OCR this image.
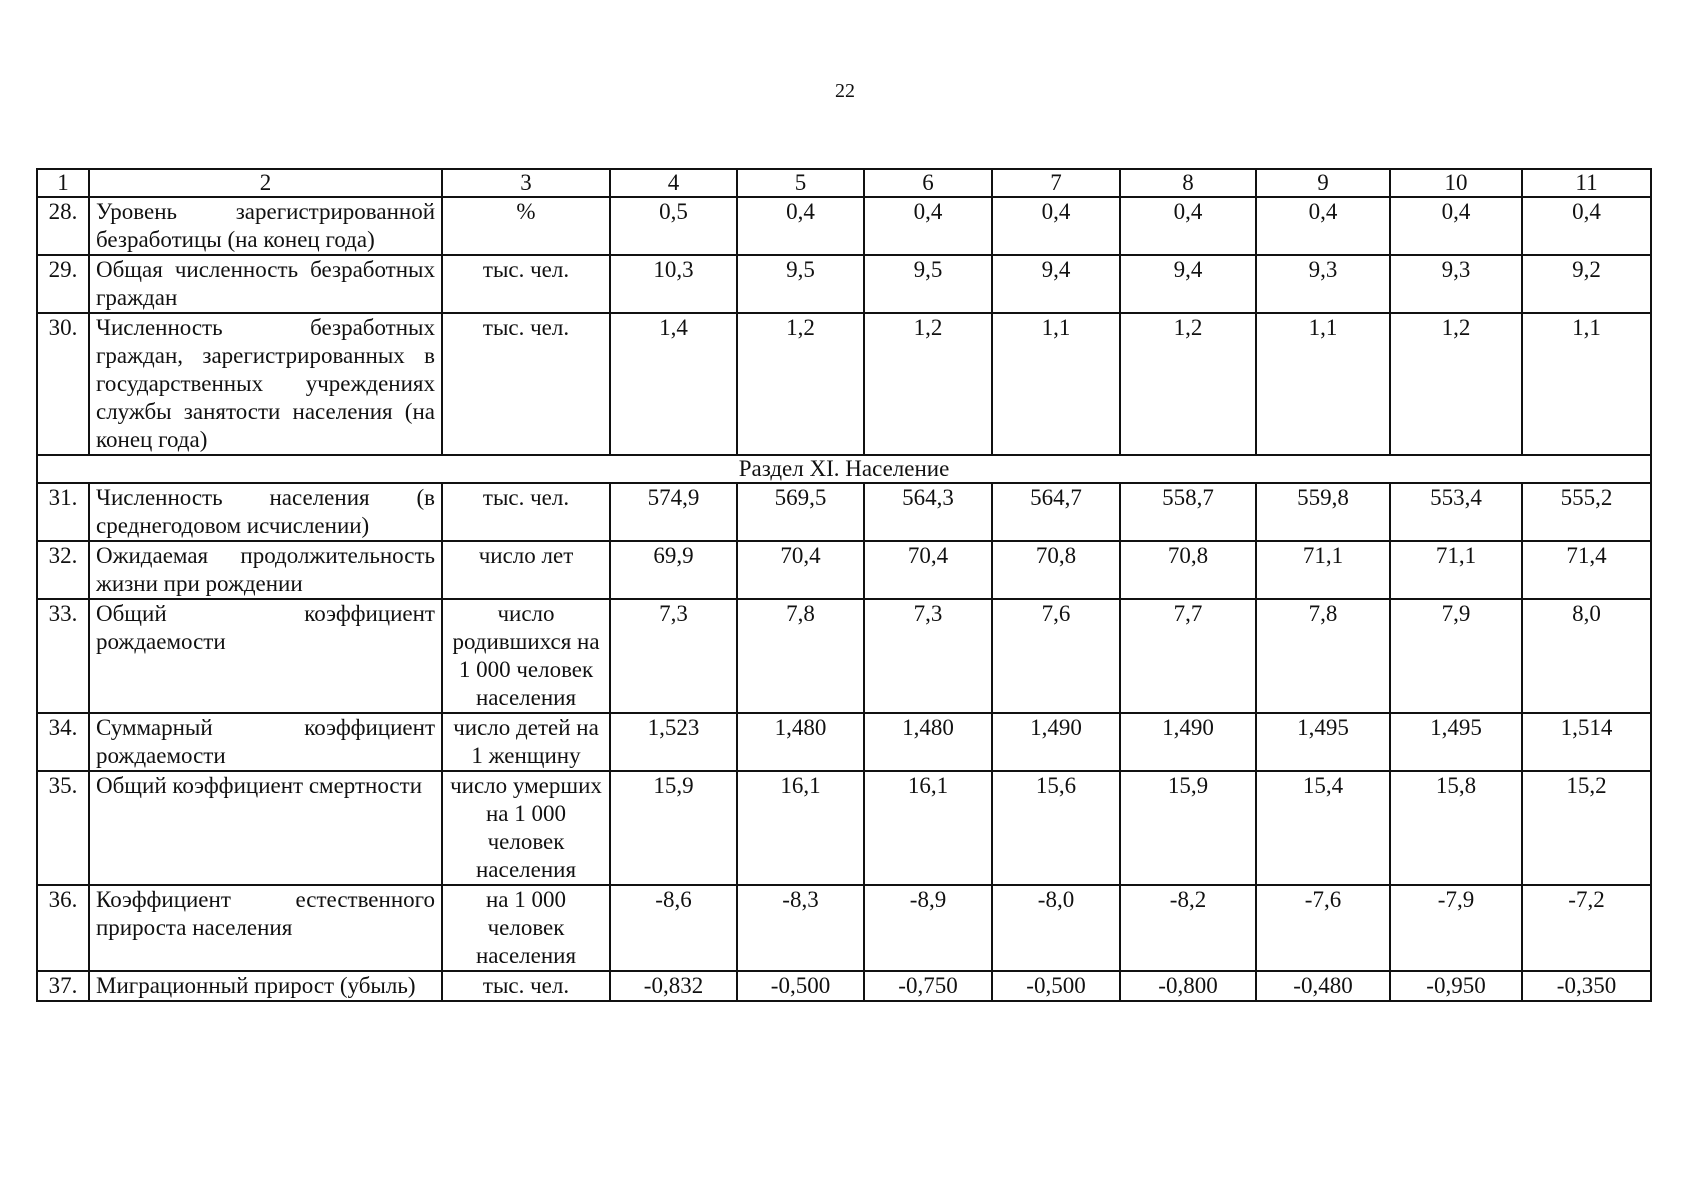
22
1	2	3	4	5	6	7	8	9	10	11
28.	Уровень зарегистрированной безработицы (на конец года)	%	0,5	0,4	0,4	0,4	0,4	0,4	0,4	0,4
29.	Общая численность безработных граждан	тыс. чел.	10,3	9,5	9,5	9,4	9,4	9,3	9,3	9,2
30.	Численность безработных граждан, зарегистрированных в государственных учреждениях службы занятости населения (на конец года)	тыс. чел.	1,4	1,2	1,2	1,1	1,2	1,1	1,2	1,1
Раздел XI. Население										
31.	Численность населения (в среднегодовом исчислении)	тыс. чел.	574,9	569,5	564,3	564,7	558,7	559,8	553,4	555,2
32.	Ожидаемая продолжительность жизни при рождении	число лет	69,9	70,4	70,4	70,8	70,8	71,1	71,1	71,4
33.	Общий коэффициент рождаемости	число родившихся на 1 000 человек населения	7,3	7,8	7,3	7,6	7,7	7,8	7,9	8,0
34.	Суммарный коэффициент рождаемости	число детей на 1 женщину	1,523	1,480	1,480	1,490	1,490	1,495	1,495	1,514
35.	Общий коэффициент смертности	число умерших на 1 000 человек населения	15,9	16,1	16,1	15,6	15,9	15,4	15,8	15,2
36.	Коэффициент естественного прироста населения	на 1 000 человек населения	-8,6	-8,3	-8,9	-8,0	-8,2	-7,6	-7,9	-7,2
37.	Миграционный прирост (убыль)	тыс. чел.	-0,832	-0,500	-0,750	-0,500	-0,800	-0,480	-0,950	-0,350
